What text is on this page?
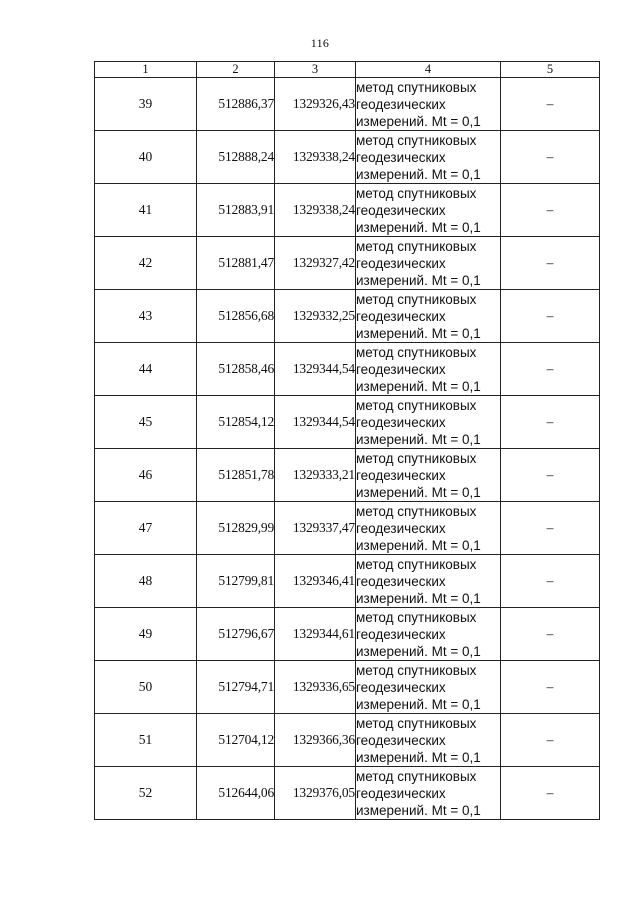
116
1	2	3	4	5
39	512886,37	1329326,43	метод спутниковых
геодезических
измерений. Mt = 0,1	–
40	512888,24	1329338,24	метод спутниковых
геодезических
измерений. Mt = 0,1	–
41	512883,91	1329338,24	метод спутниковых
геодезических
измерений. Mt = 0,1	–
42	512881,47	1329327,42	метод спутниковых
геодезических
измерений. Mt = 0,1	–
43	512856,68	1329332,25	метод спутниковых
геодезических
измерений. Mt = 0,1	–
44	512858,46	1329344,54	метод спутниковых
геодезических
измерений. Mt = 0,1	–
45	512854,12	1329344,54	метод спутниковых
геодезических
измерений. Mt = 0,1	–
46	512851,78	1329333,21	метод спутниковых
геодезических
измерений. Mt = 0,1	–
47	512829,99	1329337,47	метод спутниковых
геодезических
измерений. Mt = 0,1	–
48	512799,81	1329346,41	метод спутниковых
геодезических
измерений. Mt = 0,1	–
49	512796,67	1329344,61	метод спутниковых
геодезических
измерений. Mt = 0,1	–
50	512794,71	1329336,65	метод спутниковых
геодезических
измерений. Mt = 0,1	–
51	512704,12	1329366,36	метод спутниковых
геодезических
измерений. Mt = 0,1	–
52	512644,06	1329376,05	метод спутниковых
геодезических
измерений. Mt = 0,1	–
